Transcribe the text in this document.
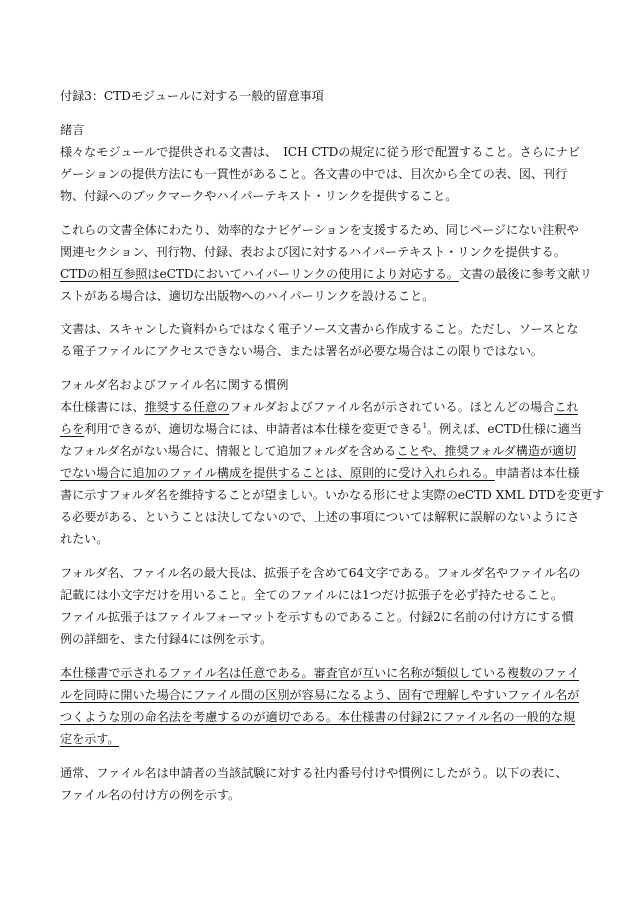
付録3：CTDモジュールに対する一般的留意事項
緒言
様々なモジュールで提供される文書は、　ICH CTDの規定に従う形で配置すること。さらにナビ
ゲーションの提供方法にも一貫性があること。各文書の中では、目次から全ての表、図、刊行
物、付録へのブックマークやハイパーテキスト・リンクを提供すること。
これらの文書全体にわたり、効率的なナビゲーションを支援するため、同じページにない注釈や
関連セクション、刊行物、付録、表および図に対するハイパーテキスト・リンクを提供する。
CTDの相互参照はeCTDにおいてハイパーリンクの使用により対応する。文書の最後に参考文献リ
ストがある場合は、適切な出版物へのハイパーリンクを設けること。
文書は、スキャンした資料からではなく電子ソース文書から作成すること。ただし、ソースとな
る電子ファイルにアクセスできない場合、または署名が必要な場合はこの限りではない。
フォルダ名およびファイル名に関する慣例
本仕様書には、推奨する任意のフォルダおよびファイル名が示されている。ほとんどの場合これ
らを利用できるが、適切な場合には、申請者は本仕様を変更できる$^1$。例えば、eCTD仕様に適当
なフォルダ名がない場合に、情報として追加フォルダを含めることや、推奨フォルダ構造が適切
でない場合に追加のファイル構成を提供することは、原則的に受け入れられる。申請者は本仕様
書に示すフォルダ名を維持することが望ましい。いかなる形にせよ実際のeCTD XML DTDを変更す
る必要がある、ということは決してないので、上述の事項については解釈に誤解のないようにさ
れたい。
フォルダ名、ファイル名の最大長は、拡張子を含めて64文字である。フォルダ名やファイル名の
記載には小文字だけを用いること。全てのファイルには1つだけ拡張子を必ず持たせること。
ファイル拡張子はファイルフォーマットを示すものであること。付録2に名前の付け方にする慣
例の詳細を、また付録4には例を示す。
本仕様書で示されるファイル名は任意である。審査官が互いに名称が類似している複数のファイ
ルを同時に開いた場合にファイル間の区別が容易になるよう、固有で理解しやすいファイル名が
つくような別の命名法を考慮するのが適切である。本仕様書の付録2にファイル名の一般的な規
定を示す。
通常、ファイル名は申請者の当該試験に対する社内番号付けや慣例にしたがう。以下の表に、
ファイル名の付け方の例を示す。
